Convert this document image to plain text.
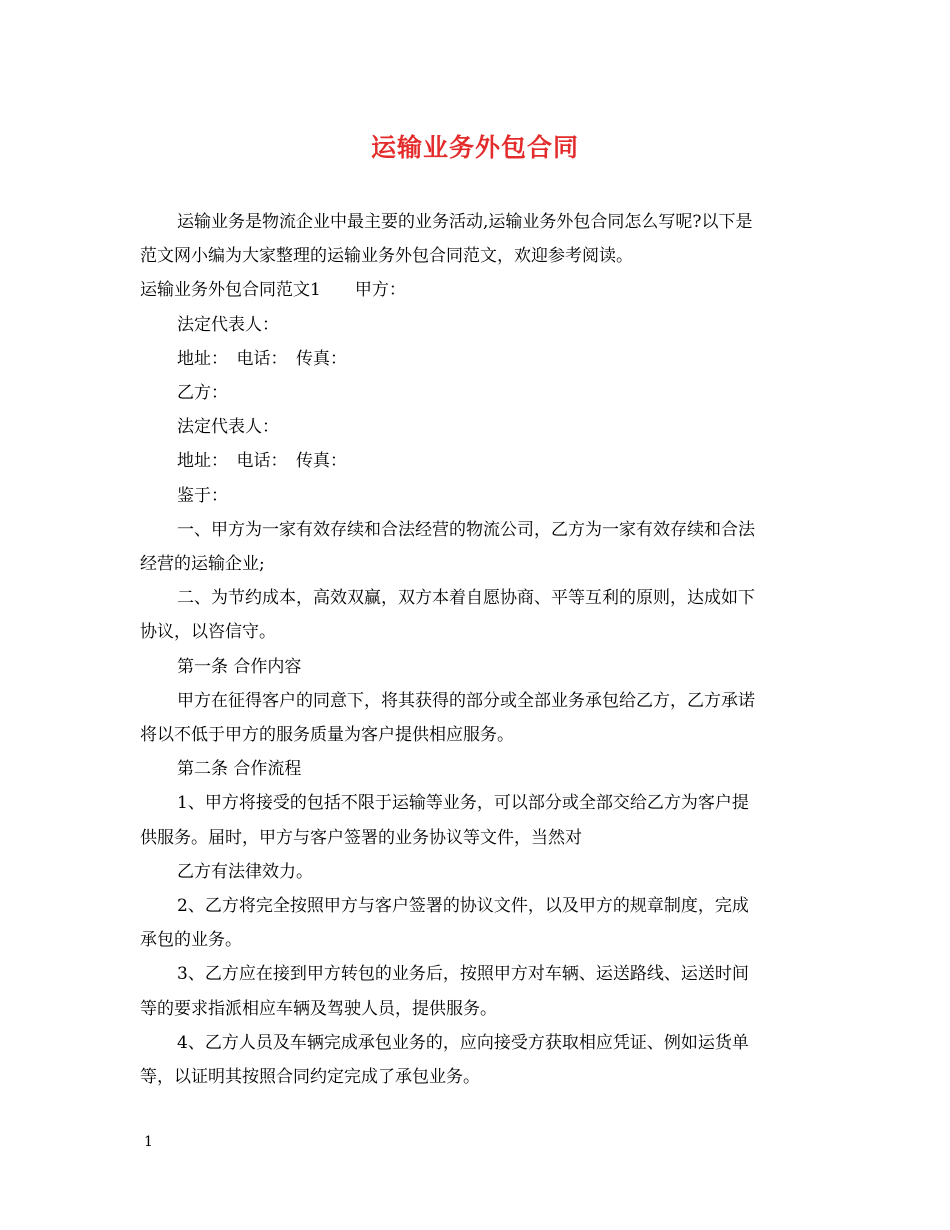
运输业务外包合同

运输业务是物流企业中最主要的业务活动,运输业务外包合同怎么写呢?以下是

范文网小编为大家整理的运输业务外包合同范文，欢迎参考阅读。

运输业务外包合同范文1　　甲方：

法定代表人：

地址：　电话：　传真：

乙方：

法定代表人：

地址：　电话：　传真：

鉴于：

一、甲方为一家有效存续和合法经营的物流公司，乙方为一家有效存续和合法

经营的运输企业;

二、为节约成本，高效双赢，双方本着自愿协商、平等互利的原则，达成如下

协议，以咨信守。

第一条 合作内容

甲方在征得客户的同意下，将其获得的部分或全部业务承包给乙方，乙方承诺

将以不低于甲方的服务质量为客户提供相应服务。

第二条 合作流程

1、甲方将接受的包括不限于运输等业务，可以部分或全部交给乙方为客户提

供服务。届时，甲方与客户签署的业务协议等文件，当然对

乙方有法律效力。

2、乙方将完全按照甲方与客户签署的协议文件，以及甲方的规章制度，完成

承包的业务。

3、乙方应在接到甲方转包的业务后，按照甲方对车辆、运送路线、运送时间

等的要求指派相应车辆及驾驶人员，提供服务。

4、乙方人员及车辆完成承包业务的，应向接受方获取相应凭证、例如运货单

等，以证明其按照合同约定完成了承包业务。

1
